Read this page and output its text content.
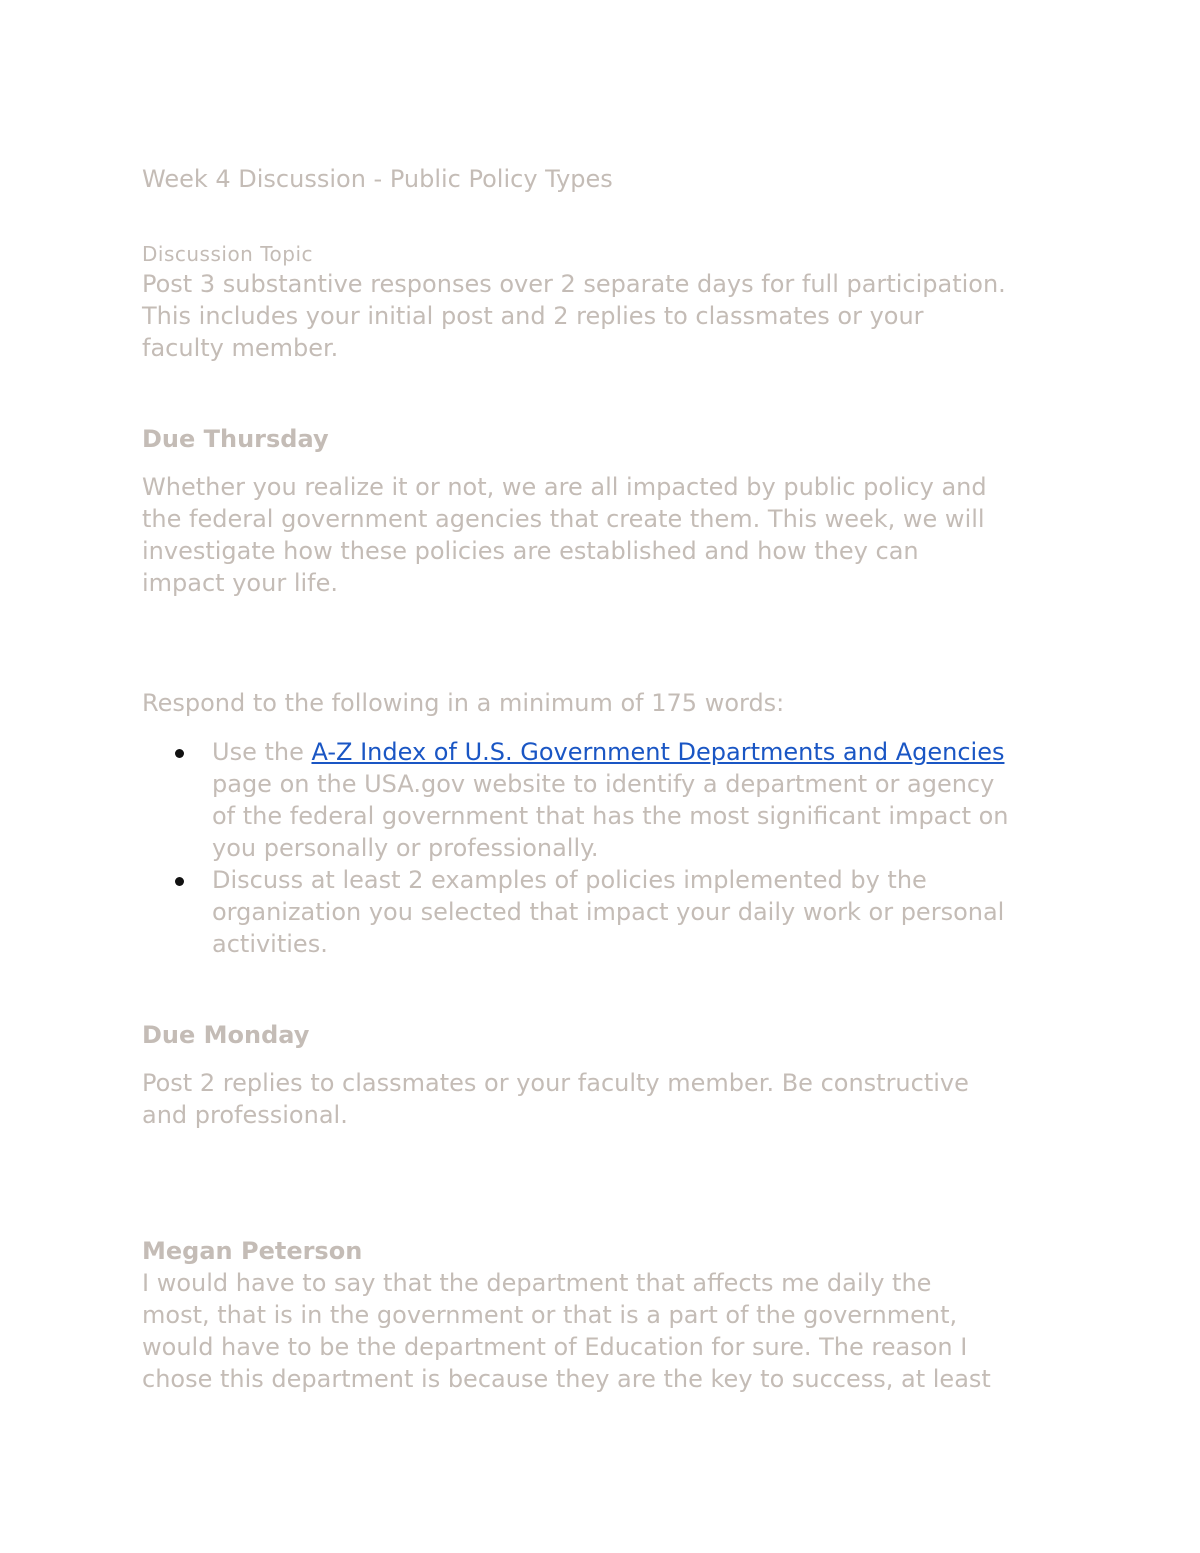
Week 4 Discussion - Public Policy Types
Discussion Topic
Post 3 substantive responses over 2 separate days for full participation.
This includes your initial post and 2 replies to classmates or your
faculty member.
Due Thursday
Whether you realize it or not, we are all impacted by public policy and
the federal government agencies that create them. This week, we will
investigate how these policies are established and how they can
impact your life.
Respond to the following in a minimum of 175 words:
Use the A-Z Index of U.S. Government Departments and Agencies
page on the USA.gov website to identify a department or agency
of the federal government that has the most significant impact on
you personally or professionally.
Discuss at least 2 examples of policies implemented by the
organization you selected that impact your daily work or personal
activities.
Due Monday
Post 2 replies to classmates or your faculty member. Be constructive
and professional.
Megan Peterson
I would have to say that the department that affects me daily the
most, that is in the government or that is a part of the government,
would have to be the department of Education for sure. The reason I
chose this department is because they are the key to success, at least
